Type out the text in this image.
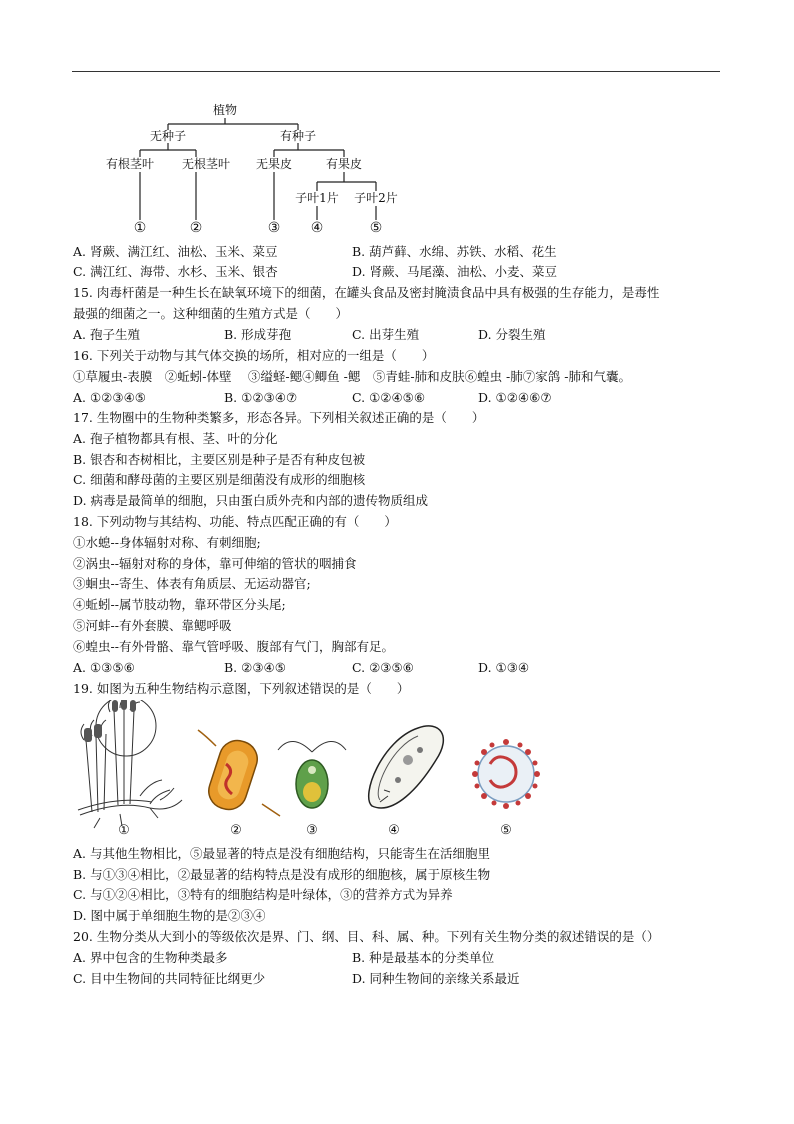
植物
无种子	有种子
有根茎叶 无根茎叶 无果皮	有果皮
子叶1片 子叶2片
①	②	③ ④	⑤
A. 肾蕨、满江红、油松、玉米、菜豆	B. 葫芦藓、水绵、苏铁、水稻、花生
C. 满江红、海带、水杉、玉米、银杏	D. 肾蕨、马尾藻、油松、小麦、菜豆
15. 肉毒杆菌是一种生长在缺氧环境下的细菌，在罐头食品及密封腌渍食品中具有极强的生存能力，是毒性
最强的细菌之一。这种细菌的生殖方式是（　　）
A. 孢子生殖	B. 形成芽孢	C. 出芽生殖	D. 分裂生殖
16. 下列关于动物与其气体交换的场所，相对应的一组是（　　）
①草履虫-表膜　②蚯蚓-体壁　 ③缢蛏-鳃④鲫鱼 -鳃　⑤青蛙-肺和皮肤⑥蝗虫 -肺⑦家鸽 -肺和气囊。
A. ①②③④⑤	B. ①②③④⑦	C. ①②④⑤⑥	D. ①②④⑥⑦
17. 生物圈中的生物种类繁多，形态各异。下列相关叙述正确的是（　　）
A. 孢子植物都具有根、茎、叶的分化
B. 银杏和杏树相比，主要区别是种子是否有种皮包被
C. 细菌和酵母菌的主要区别是细菌没有成形的细胞核
D. 病毒是最简单的细胞，只由蛋白质外壳和内部的遗传物质组成
18. 下列动物与其结构、功能、特点匹配正确的有（　　）
①水螅--身体辐射对称、有刺细胞;
②涡虫--辐射对称的身体，靠可伸缩的管状的咽捕食
③蛔虫--寄生、体表有角质层、无运动器官;
④蚯蚓--属节肢动物，靠环带区分头尾;
⑤河蚌--有外套膜、靠鳃呼吸
⑥蝗虫--有外骨骼、靠气管呼吸、腹部有气门，胸部有足。
A. ①③⑤⑥	B. ②③④⑤	C. ②③⑤⑥	D. ①③④
19. 如图为五种生物结构示意图，下列叙述错误的是（　　）
①	②	③	④	⑤
A. 与其他生物相比，⑤最显著的特点是没有细胞结构，只能寄生在活细胞里
B. 与①③④相比，②最显著的结构特点是没有成形的细胞核，属于原核生物
C. 与①②④相比，③特有的细胞结构是叶绿体，③的营养方式为异养
D. 图中属于单细胞生物的是②③④
20. 生物分类从大到小的等级依次是界、门、纲、目、科、属、种。下列有关生物分类的叙述错误的是（）
A. 界中包含的生物种类最多	B. 种是最基本的分类单位
C. 目中生物间的共同特征比纲更少	D. 同种生物间的亲缘关系最近
